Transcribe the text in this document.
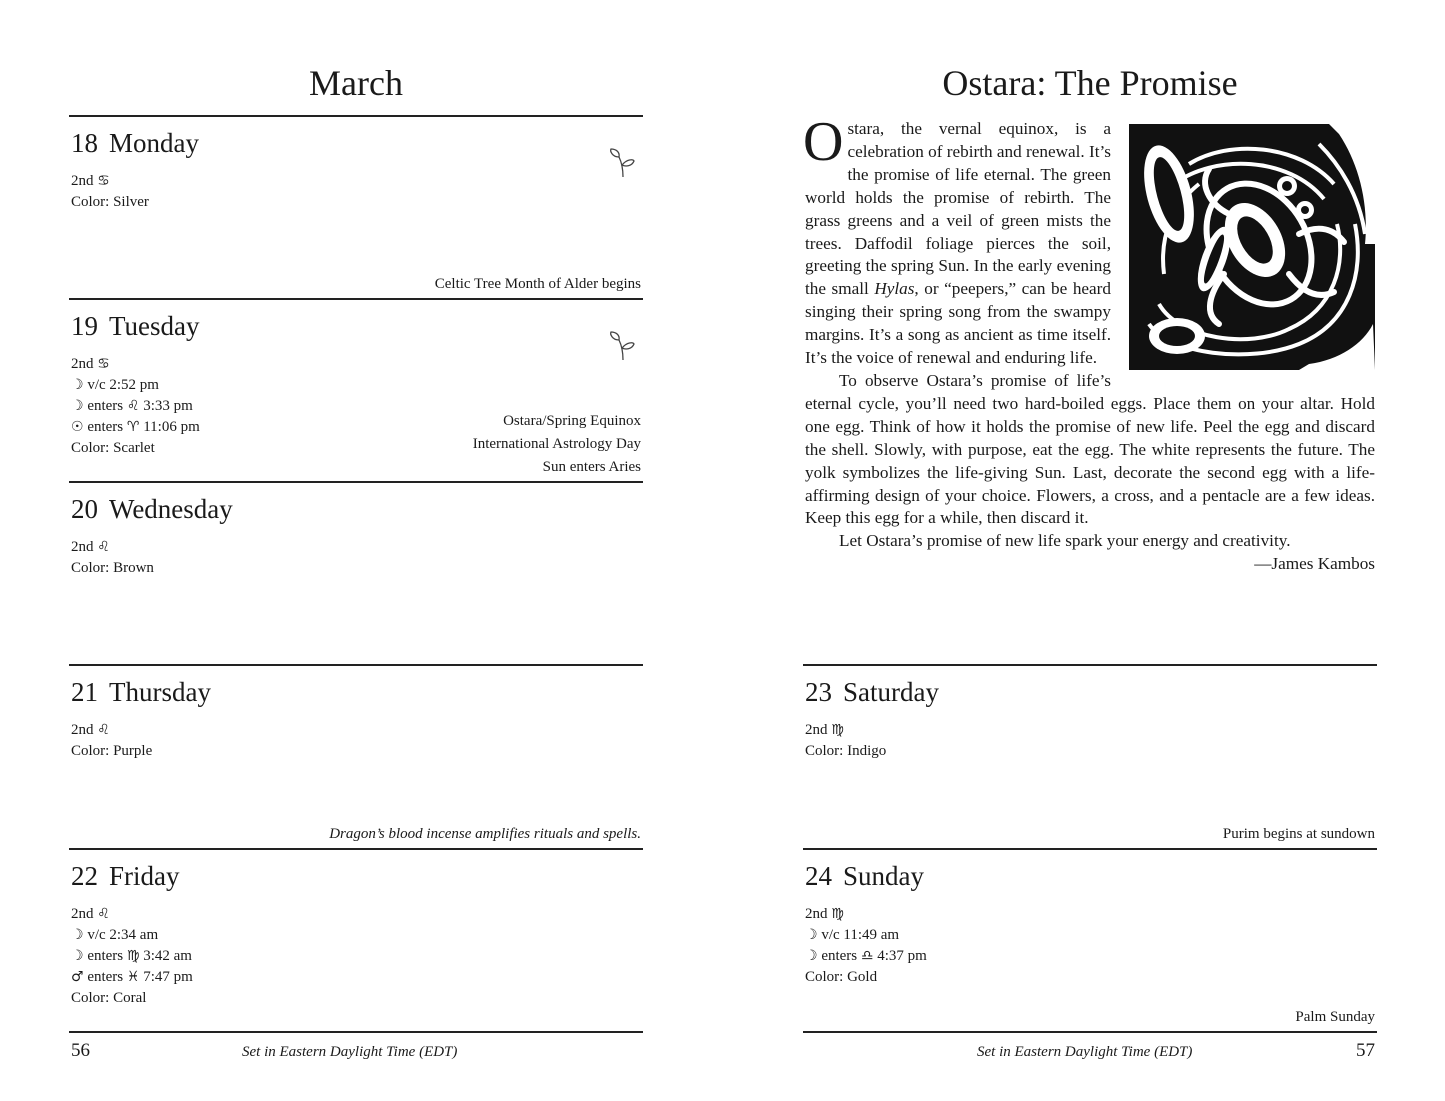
March
18 Monday
2nd ♋
Color: Silver
Celtic Tree Month of Alder begins
19 Tuesday
2nd ♋
☽ v/c 2:52 pm
☽ enters ♌ 3:33 pm
☉ enters ♈ 11:06 pm
Color: Scarlet
Ostara/Spring Equinox
International Astrology Day
Sun enters Aries
20 Wednesday
2nd ♌
Color: Brown
21 Thursday
2nd ♌
Color: Purple
Dragon’s blood incense amplifies rituals and spells.
22 Friday
2nd ♌
☽ v/c 2:34 am
☽ enters ♍ 3:42 am
♂ enters ♓ 7:47 pm
Color: Coral
56	Set in Eastern Daylight Time (EDT)
Ostara: The Promise

Ostara, the vernal equinox, is a celebration of rebirth and renewal. It’s the promise of life eternal. The green world holds the promise of rebirth. The grass greens and a veil of green mists the trees. Daffodil foliage pierces the soil, greeting the spring Sun. In the early evening the small Hylas, or “peepers,” can be heard singing their spring song from the swampy margins. It’s a song as ancient as time itself. It’s the voice of renewal and enduring life.

To observe Ostara’s promise of life’s eternal cycle, you’ll need two hard-boiled eggs. Place them on your altar. Hold one egg. Think of how it holds the promise of new life. Peel the egg and discard the shell. Slowly, with purpose, eat the egg. The white represents the future. The yolk symbolizes the life-giving Sun. Last, decorate the second egg with a life-affirming design of your choice. Flowers, a cross, and a pentacle are a few ideas. Keep this egg for a while, then discard it.

Let Ostara’s promise of new life spark your energy and creativity.

—James Kambos

23 Saturday
2nd ♍
Color: Indigo
Purim begins at sundown
24 Sunday
2nd ♍
☽ v/c 11:49 am
☽ enters ♎ 4:37 pm
Color: Gold
Palm Sunday
Set in Eastern Daylight Time (EDT)	57
